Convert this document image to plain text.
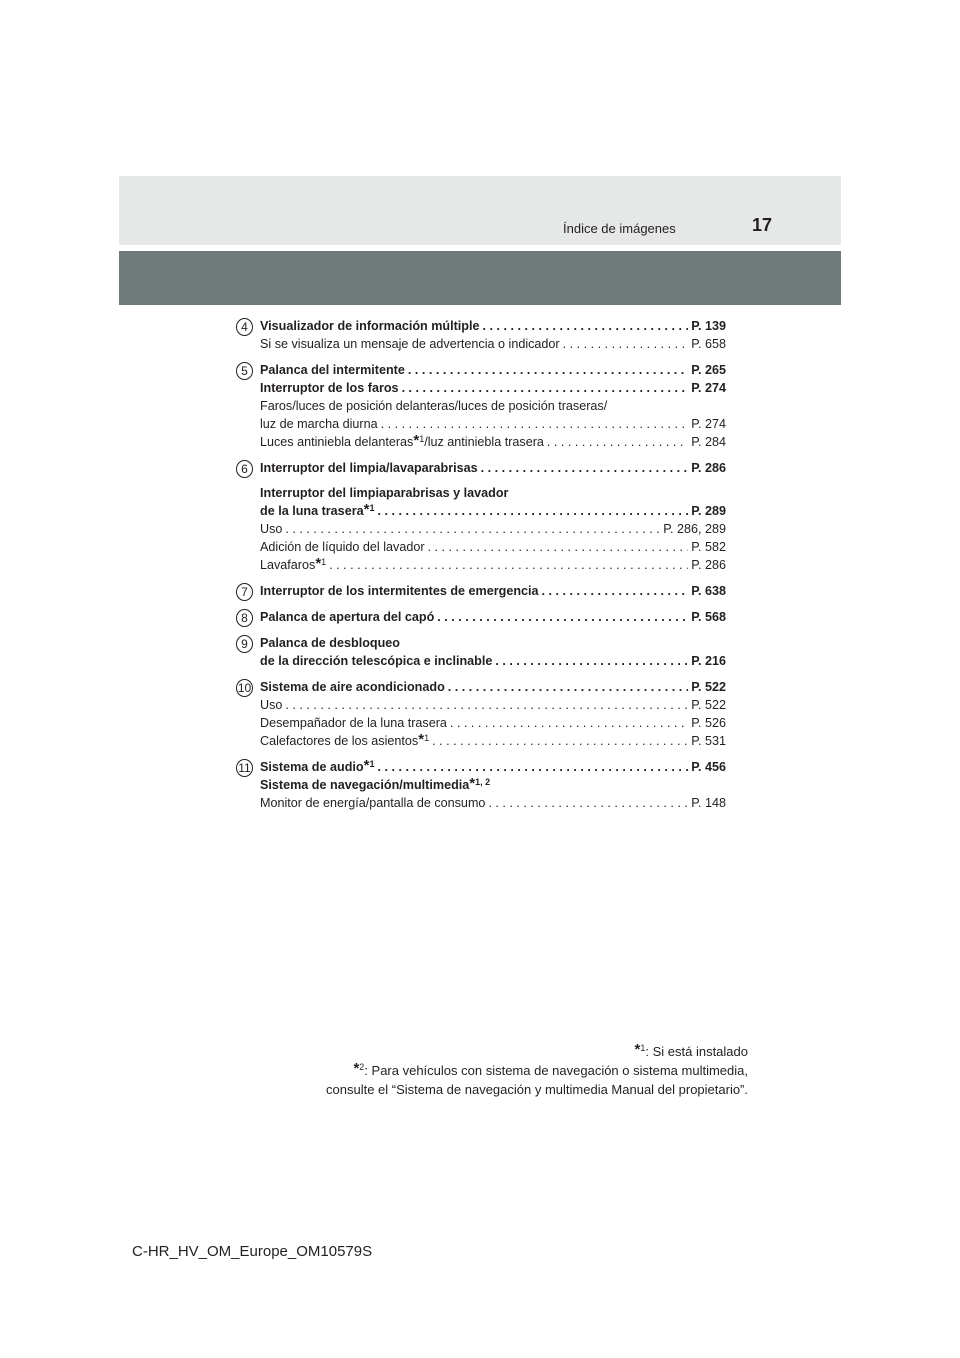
Índice de imágenes	17
4 Visualizador de información múltiple . . .	P. 139
Si se visualiza un mensaje de advertencia o indicador . . .	P. 658
5 Palanca del intermitente . . .	P. 265
Interruptor de los faros . . .	P. 274
Faros/luces de posición delanteras/luces de posición traseras/
luz de marcha diurna . . .	P. 274
Luces antiniebla delanteras*$^1$/luz antiniebla trasera . . .	P. 284
6 Interruptor del limpia/lavaparabrisas . . .	P. 286
Interruptor del limpiaparabrisas y lavador
de la luna trasera*$^1$ . . .	P. 289
Uso . . .	P. 286, 289
Adición de líquido del lavador . . .	P. 582
Lavafaros*$^1$ . . .	P. 286
7 Interruptor de los intermitentes de emergencia . . .	P. 638
8 Palanca de apertura del capó . . .	P. 568
9 Palanca de desbloqueo
de la dirección telescópica e inclinable . . .	P. 216
10 Sistema de aire acondicionado . . .	P. 522
Uso . . .	P. 522
Desempañador de la luna trasera . . .	P. 526
Calefactores de los asientos*$^1$ . . .	P. 531
11 Sistema de audio*$^1$ . . .	P. 456
Sistema de navegación/multimedia*$^{1, 2}$
Monitor de energía/pantalla de consumo . . .	P. 148
*$^1$: Si está instalado
*$^2$: Para vehículos con sistema de navegación o sistema multimedia,
consulte el “Sistema de navegación y multimedia Manual del propietario”.
C-HR_HV_OM_Europe_OM10579S
